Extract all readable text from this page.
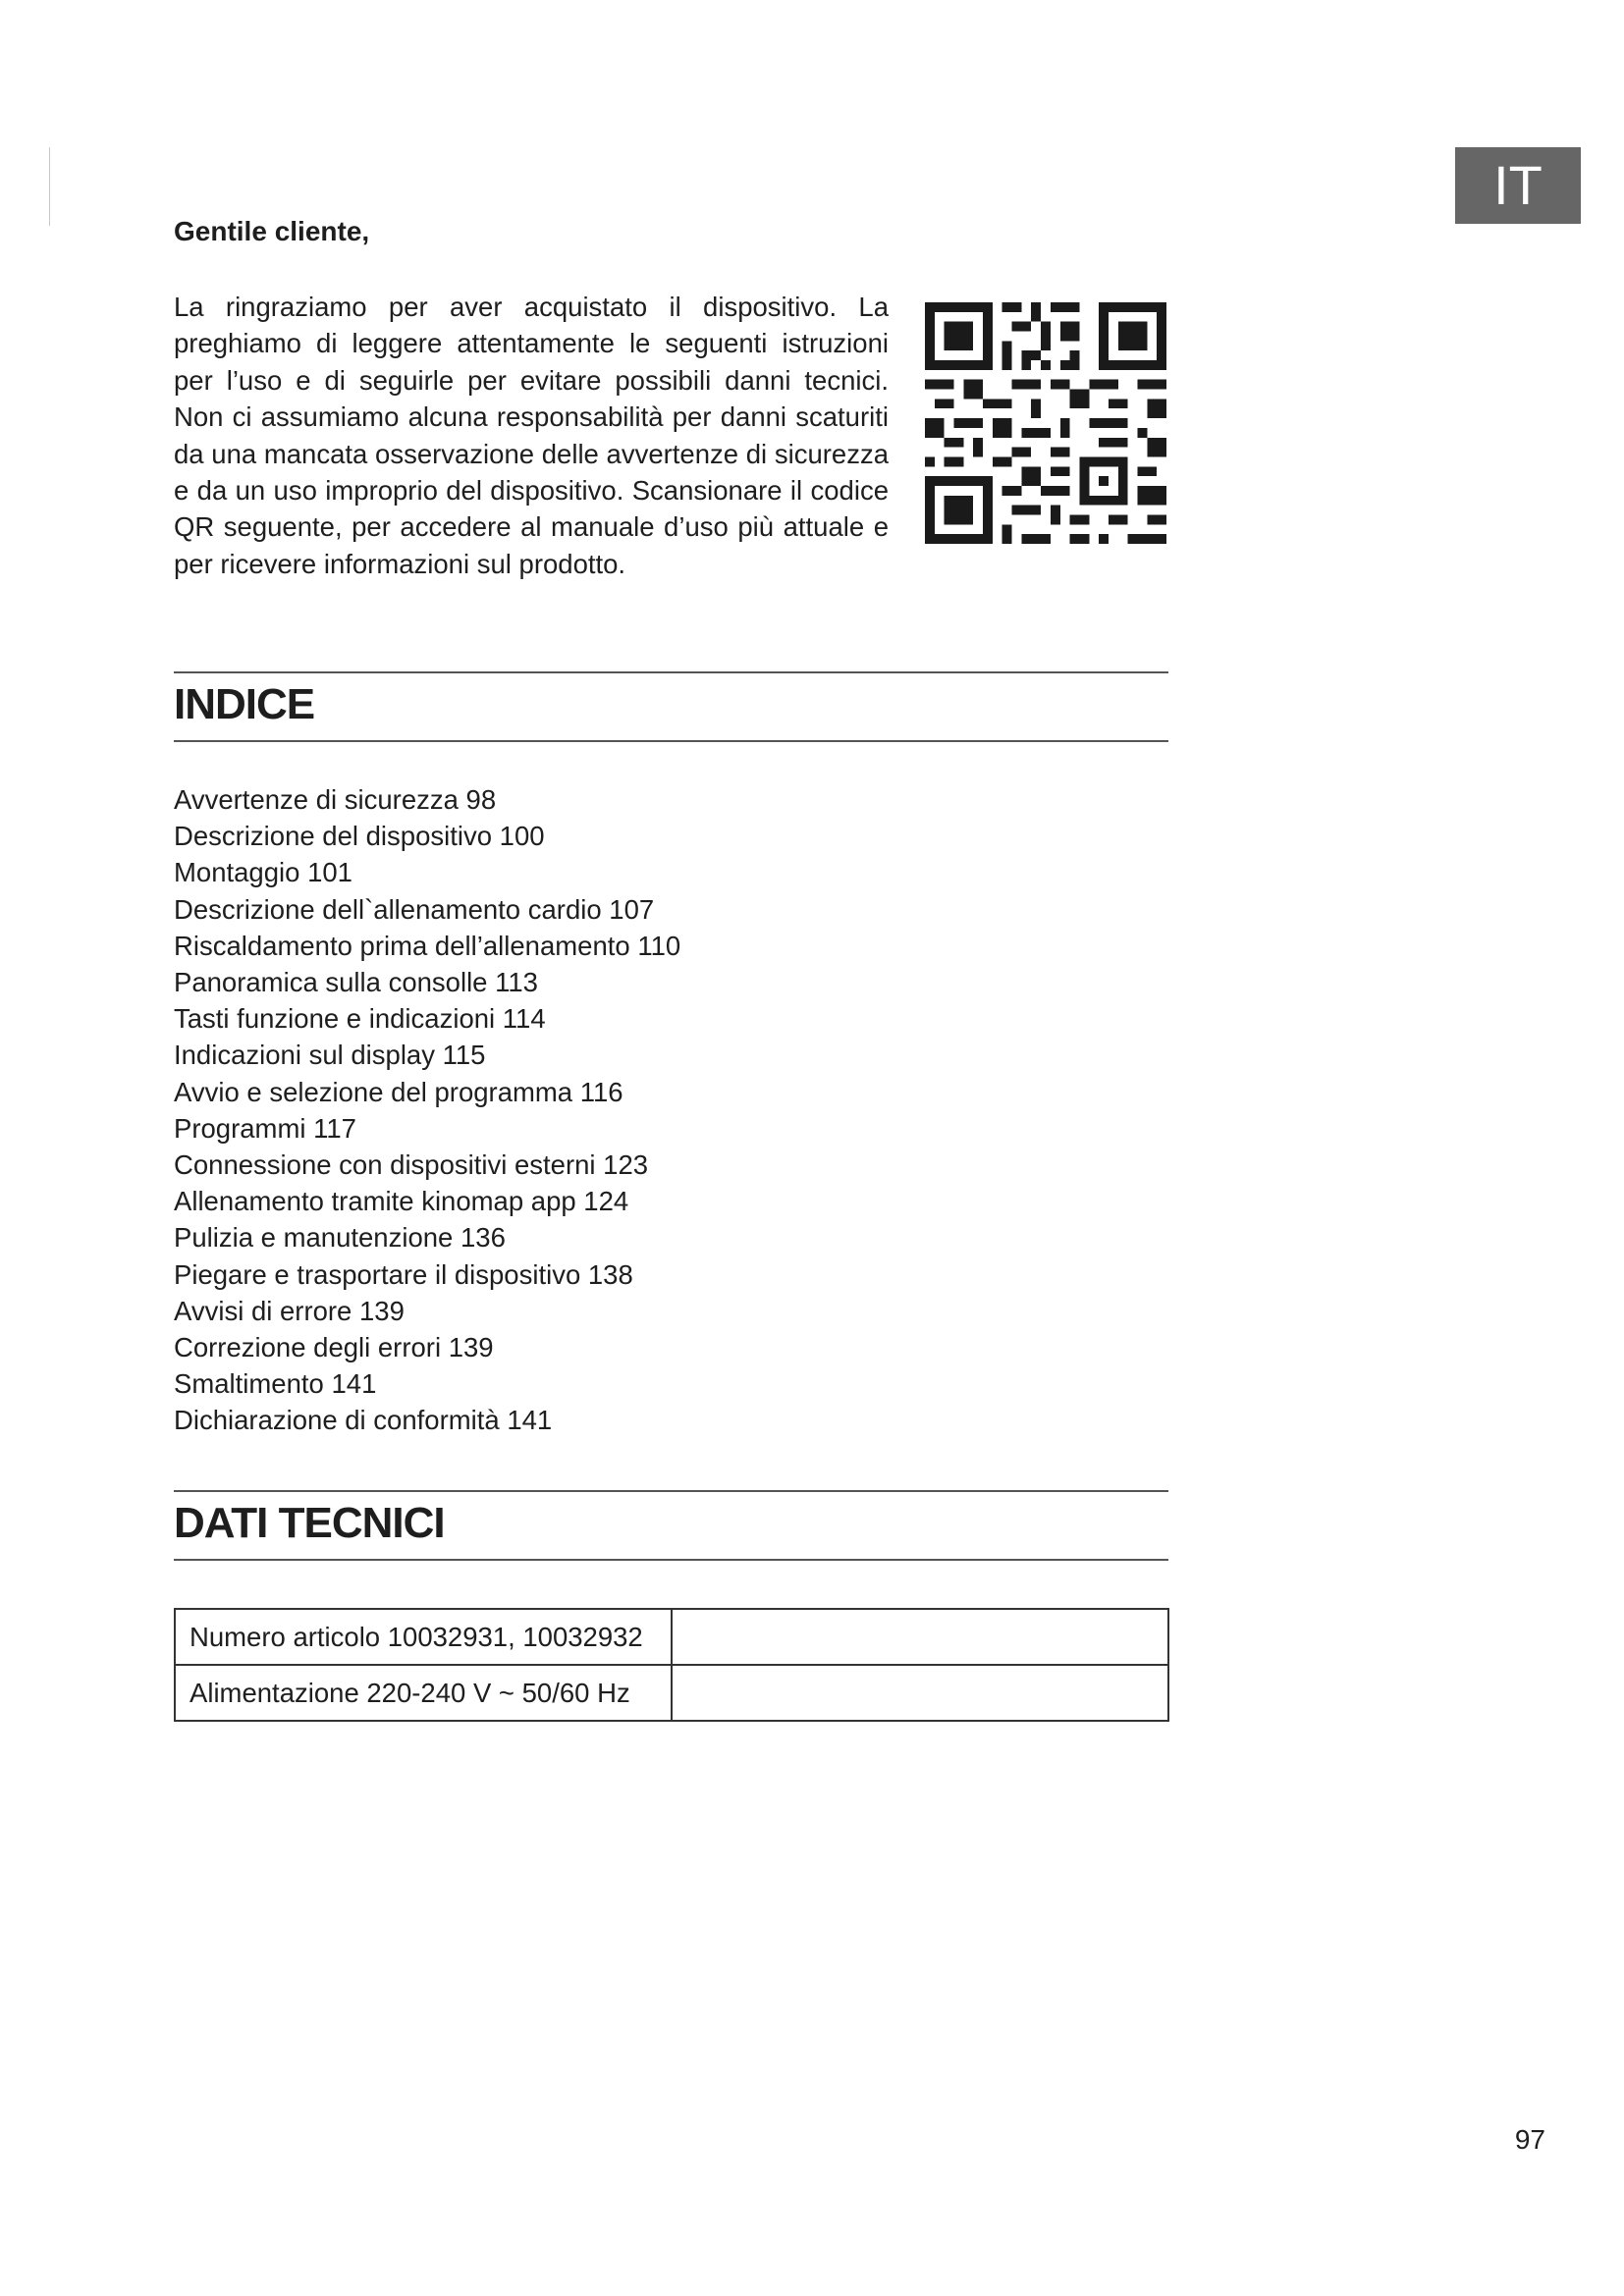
IT
Gentile cliente,
La ringraziamo per aver acquistato il dispositivo. La preghiamo di leggere attentamente le seguenti istruzioni per l’uso e di seguirle per evitare possibili danni tecnici. Non ci assumiamo alcuna responsabilità per danni scaturiti da una mancata osservazione delle avvertenze di sicurezza e da un uso improprio del dispositivo. Scansionare il codice QR seguente, per accedere al manuale d’uso più attuale e per ricevere informazioni sul prodotto.
INDICE
Avvertenze di sicurezza 98
Descrizione del dispositivo 100
Montaggio 101
Descrizione dell`allenamento cardio 107
Riscaldamento prima dell’allenamento 110
Panoramica sulla consolle 113
Tasti funzione e indicazioni 114
Indicazioni sul display 115
Avvio e selezione del programma 116
Programmi 117
Connessione con dispositivi esterni 123
Allenamento tramite kinomap app 124
Pulizia e manutenzione 136
Piegare e trasportare il dispositivo 138
Avvisi di errore 139
Correzione degli errori 139
Smaltimento 141
Dichiarazione di conformità 141
DATI TECNICI
Numero articolo 10032931, 10032932	
Alimentazione 220-240 V ~ 50/60 Hz	
97
